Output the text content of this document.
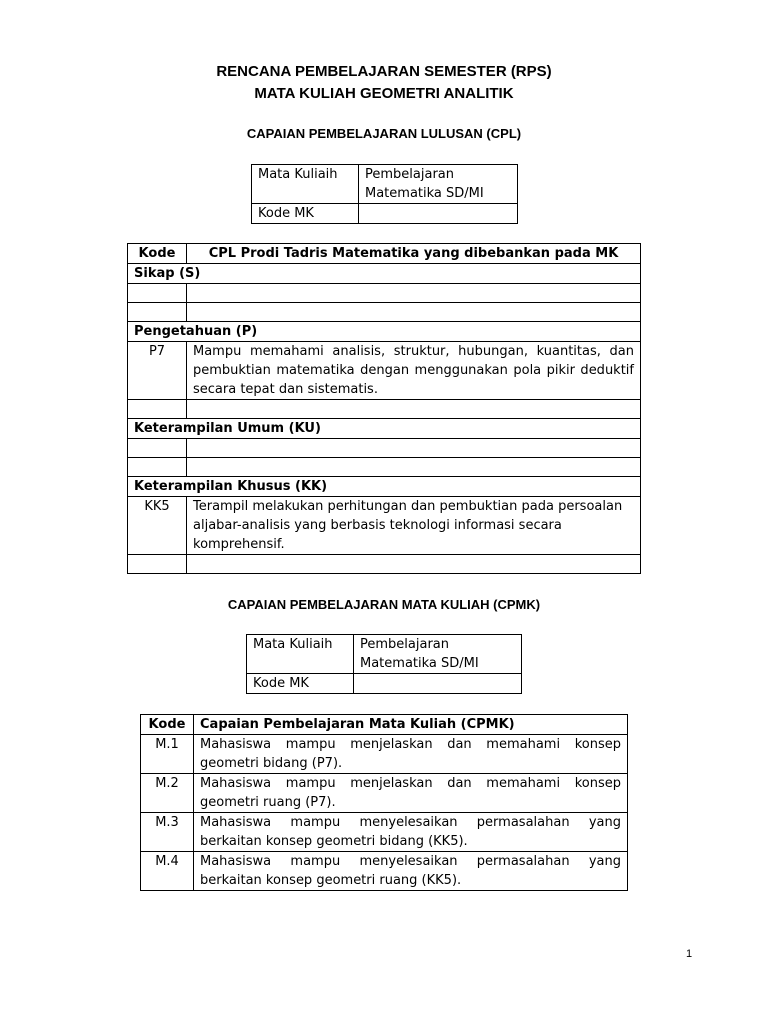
RENCANA PEMBELAJARAN SEMESTER (RPS)
MATA KULIAH GEOMETRI ANALITIK
CAPAIAN PEMBELAJARAN LULUSAN (CPL)
Mata Kuliaih	Pembelajaran Matematika SD/MI
Kode MK	
Kode	CPL Prodi Tadris Matematika yang dibebankan pada MK
Sikap (S)	

Pengetahuan (P)	
P7	Mampu memahami analisis, struktur, hubungan, kuantitas, dan pembuktian matematika dengan menggunakan pola pikir deduktif secara tepat dan sistematis.

Keterampilan Umum (KU)	

Keterampilan Khusus (KK)	
KK5	Terampil melakukan perhitungan dan pembuktian pada persoalan aljabar-analisis yang berbasis teknologi informasi secara komprehensif.

CAPAIAN PEMBELAJARAN MATA KULIAH (CPMK)
Mata Kuliaih	Pembelajaran Matematika SD/MI
Kode MK	
Kode	Capaian Pembelajaran Mata Kuliah (CPMK)
M.1	Mahasiswa mampu menjelaskan dan memahami konsep geometri bidang (P7).
M.2	Mahasiswa mampu menjelaskan dan memahami konsep geometri ruang (P7).
M.3	Mahasiswa mampu menyelesaikan permasalahan yang berkaitan konsep geometri bidang (KK5).
M.4	Mahasiswa mampu menyelesaikan permasalahan yang berkaitan konsep geometri ruang (KK5).
1
